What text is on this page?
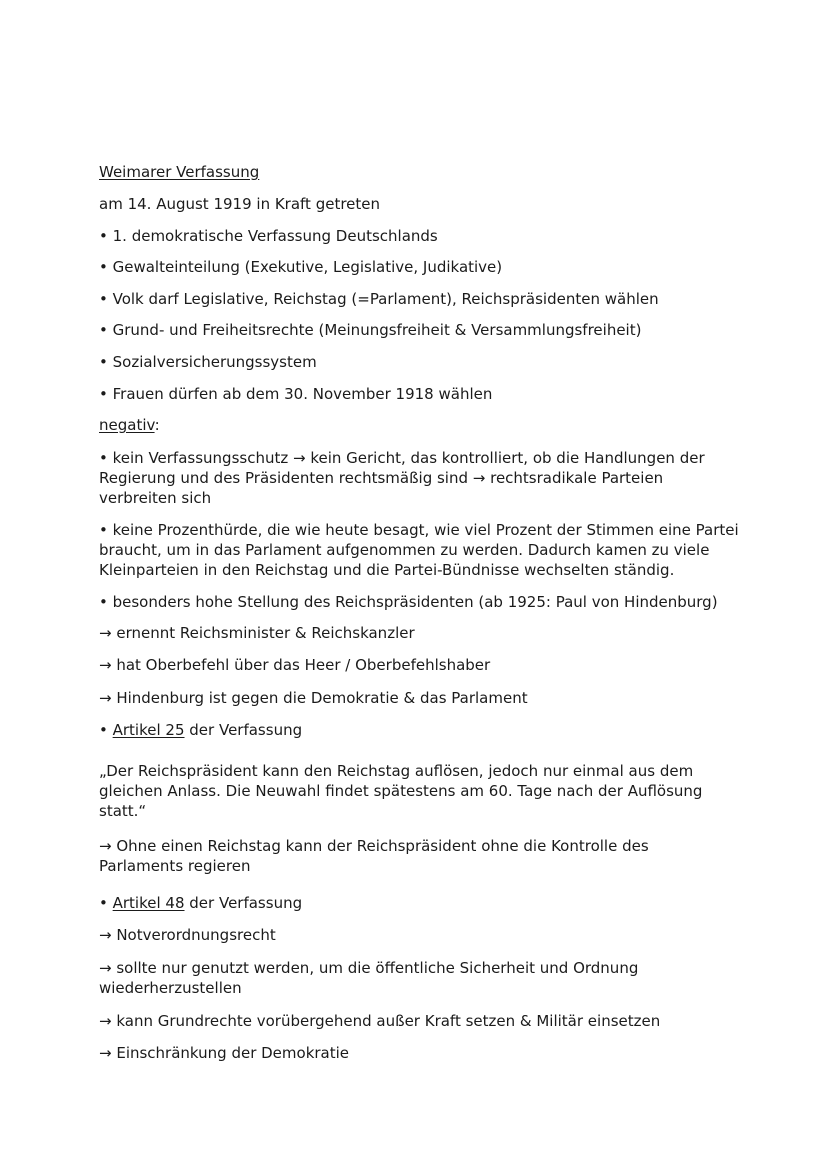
Weimarer Verfassung

am 14. August 1919 in Kraft getreten

• 1. demokratische Verfassung Deutschlands

• Gewalteinteilung (Exekutive, Legislative, Judikative)

• Volk darf Legislative, Reichstag (=Parlament), Reichspräsidenten wählen

• Grund- und Freiheitsrechte (Meinungsfreiheit & Versammlungsfreiheit)

• Sozialversicherungssystem

• Frauen dürfen ab dem 30. November 1918 wählen

negativ:

• kein Verfassungsschutz → kein Gericht, das kontrolliert, ob die Handlungen der
Regierung und des Präsidenten rechtsmäßig sind → rechtsradikale Parteien
verbreiten sich
• keine Prozenthürde, die wie heute besagt, wie viel Prozent der Stimmen eine Partei
braucht, um in das Parlament aufgenommen zu werden. Dadurch kamen zu viele
Kleinparteien in den Reichstag und die Partei-Bündnisse wechselten ständig.

• besonders hohe Stellung des Reichspräsidenten (ab 1925: Paul von Hindenburg)

→ ernennt Reichsminister & Reichskanzler

→ hat Oberbefehl über das Heer / Oberbefehlshaber

→ Hindenburg ist gegen die Demokratie & das Parlament

• Artikel 25 der Verfassung

„Der Reichspräsident kann den Reichstag auflösen, jedoch nur einmal aus dem
gleichen Anlass. Die Neuwahl findet spätestens am 60. Tage nach der Auflösung
statt.“
→ Ohne einen Reichstag kann der Reichspräsident ohne die Kontrolle des
Parlaments regieren

• Artikel 48 der Verfassung

→ Notverordnungsrecht

→ sollte nur genutzt werden, um die öffentliche Sicherheit und Ordnung
wiederherzustellen

→ kann Grundrechte vorübergehend außer Kraft setzen & Militär einsetzen

→ Einschränkung der Demokratie
